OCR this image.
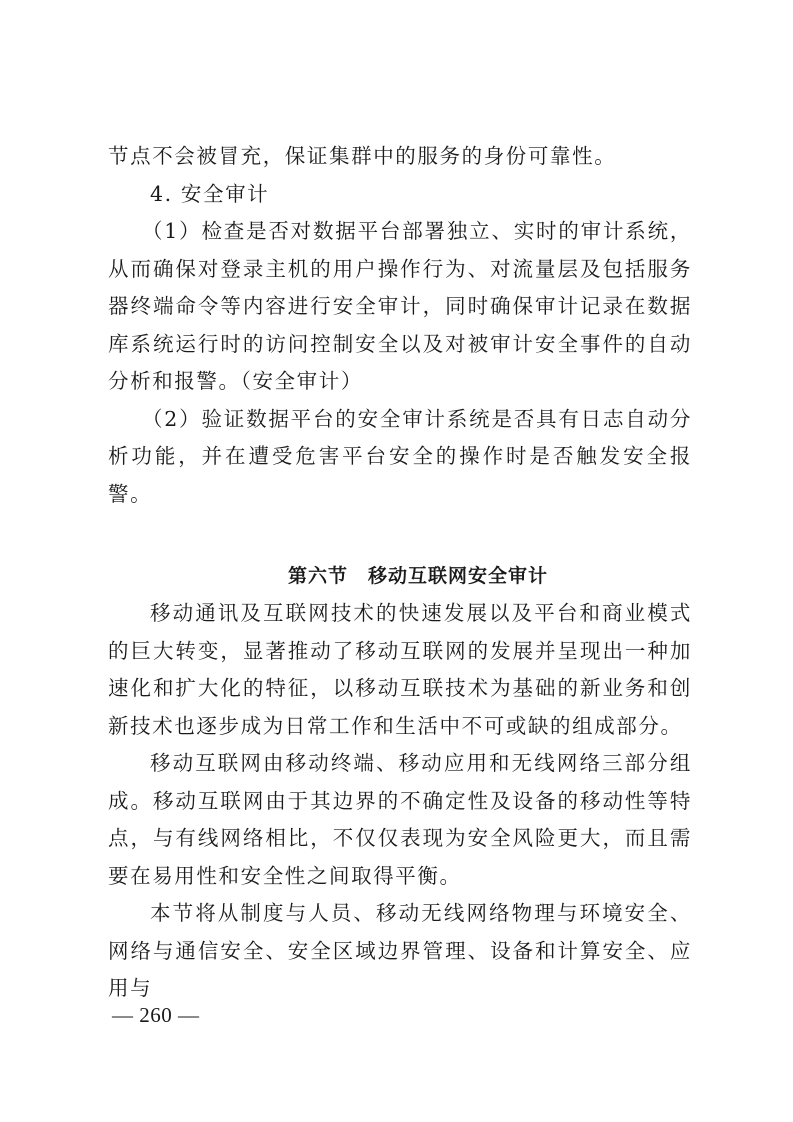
节点不会被冒充，保证集群中的服务的身份可靠性。

4. 安全审计

（1）检查是否对数据平台部署独立、实时的审计系统，从而确保对登录主机的用户操作行为、对流量层及包括服务器终端命令等内容进行安全审计，同时确保审计记录在数据库系统运行时的访问控制安全以及对被审计安全事件的自动分析和报警。（安全审计）

（2）验证数据平台的安全审计系统是否具有日志自动分析功能，并在遭受危害平台安全的操作时是否触发安全报警。

第六节　移动互联网安全审计

移动通讯及互联网技术的快速发展以及平台和商业模式的巨大转变，显著推动了移动互联网的发展并呈现出一种加速化和扩大化的特征，以移动互联技术为基础的新业务和创新技术也逐步成为日常工作和生活中不可或缺的组成部分。

移动互联网由移动终端、移动应用和无线网络三部分组成。移动互联网由于其边界的不确定性及设备的移动性等特点，与有线网络相比，不仅仅表现为安全风险更大，而且需要在易用性和安全性之间取得平衡。

本节将从制度与人员、移动无线网络物理与环境安全、网络与通信安全、安全区域边界管理、设备和计算安全、应用与

— 260 —
